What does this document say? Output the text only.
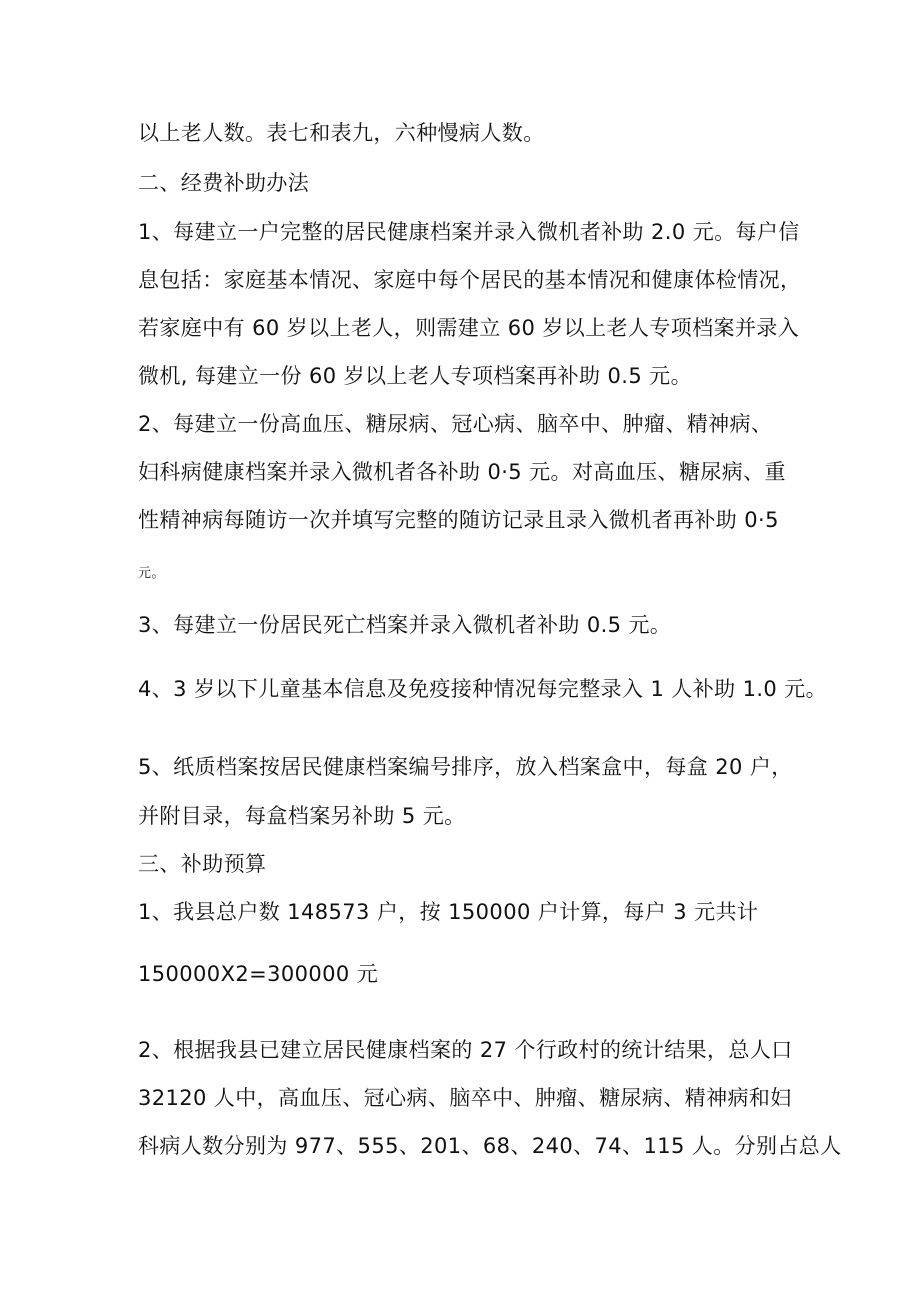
以上老人数。表七和表九，六种慢病人数。
二、经费补助办法
1、每建立一户完整的居民健康档案并录入微机者补助 2.0 元。每户信
息包括：家庭基本情况、家庭中每个居民的基本情况和健康体检情况，
若家庭中有 60 岁以上老人，则需建立 60 岁以上老人专项档案并录入
微机, 每建立一份 60 岁以上老人专项档案再补助 0.5 元。
2、每建立一份高血压、糖尿病、冠心病、脑卒中、肿瘤、精神病、
妇科病健康档案并录入微机者各补助 0·5 元。对高血压、糖尿病、重
性精神病每随访一次并填写完整的随访记录且录入微机者再补助 0·5
元。
3、每建立一份居民死亡档案并录入微机者补助 0.5 元。
4、3 岁以下儿童基本信息及免疫接种情况每完整录入 1 人补助 1.0 元。
5、纸质档案按居民健康档案编号排序，放入档案盒中，每盒 20 户，
并附目录，每盒档案另补助 5 元。
三、补助预算
1、我县总户数 148573 户，按 150000 户计算，每户 3 元共计
150000X2=300000 元
2、根据我县已建立居民健康档案的 27 个行政村的统计结果，总人口
32120 人中，高血压、冠心病、脑卒中、肿瘤、糖尿病、精神病和妇
科病人数分别为 977、555、201、68、240、74、115 人。分别占总人
